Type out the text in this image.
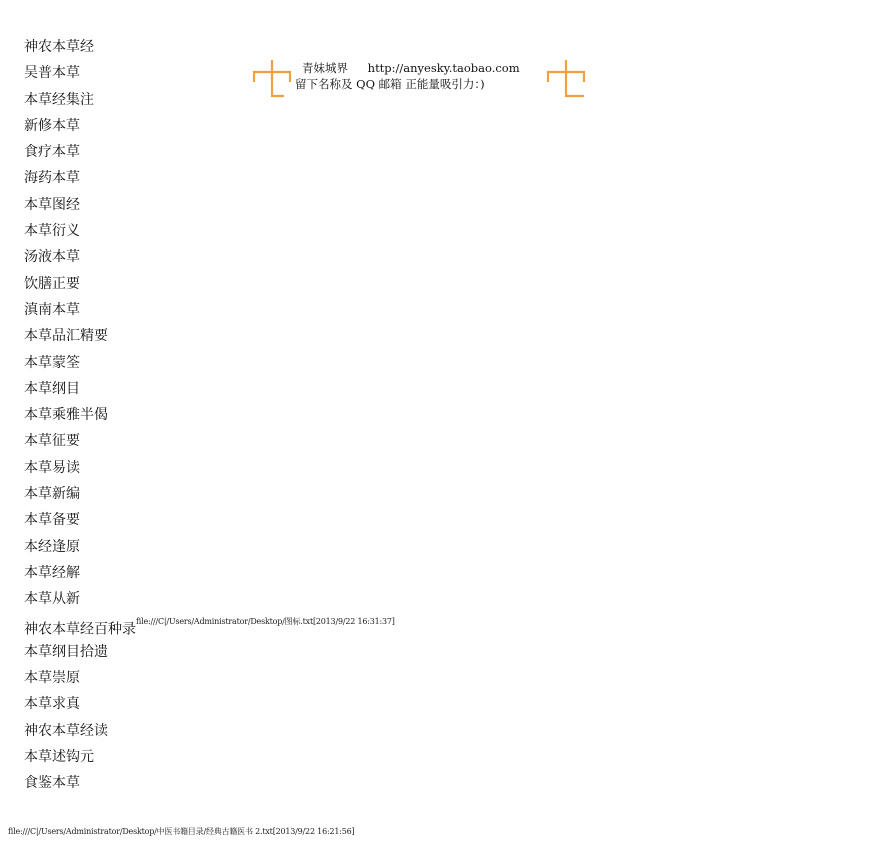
神农本草经
吴普本草
本草经集注
新修本草
食疗本草
海药本草
本草图经
本草衍义
汤液本草
饮膳正要
滇南本草
本草品汇精要
本草蒙筌
本草纲目
本草乘雅半偈
本草征要
本草易读
本草新编
本草备要
本经逢原
本草经解
本草从新
神农本草经百种录$^{file:///C|/Users/Administrator/Desktop/图标.txt[2013/9/22 16:31:37]}$
本草纲目拾遗
本草崇原
本草求真
神农本草经读
本草述钩元
食鉴本草
青妹城界 http://anyesky.taobao.com
留下名称及 QQ 邮箱 正能量吸引力：)
file:///C|/Users/Administrator/Desktop/中医书籍目录/经典古籍医书 2.txt[2013/9/22 16:21:56]
